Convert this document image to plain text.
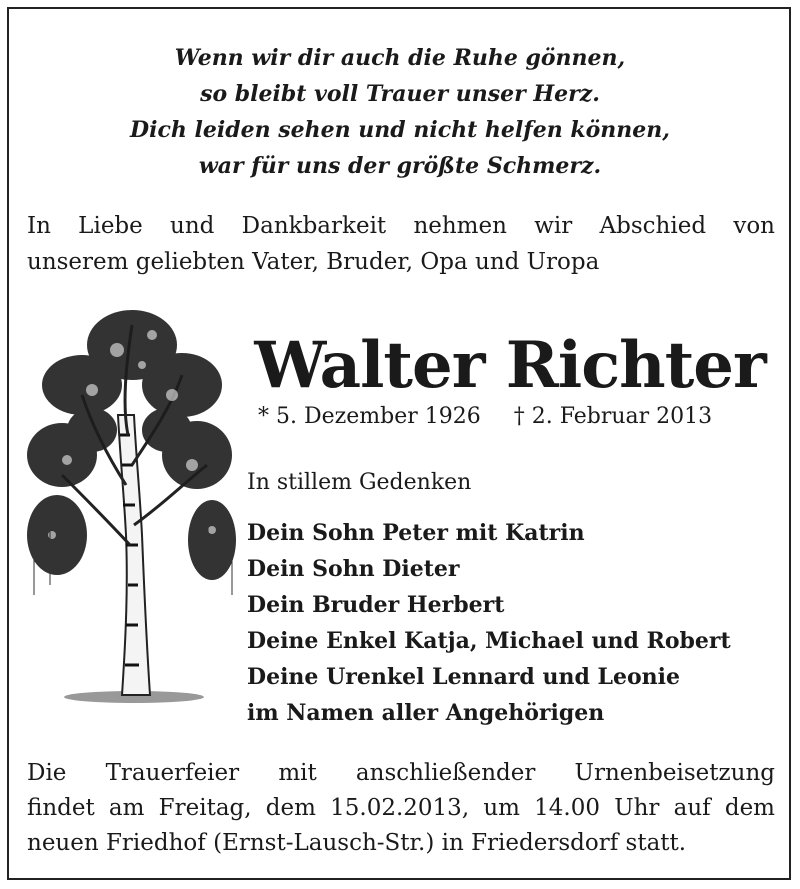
Wenn wir dir auch die Ruhe gönnen,
so bleibt voll Trauer unser Herz.
Dich leiden sehen und nicht helfen können,
war für uns der größte Schmerz.
In Liebe und Dankbarkeit nehmen wir Abschied von
unserem geliebten Vater, Bruder, Opa und Uropa
Walter Richter
* 5. Dezember 1926 † 2. Februar 2013
In stillem Gedenken
Dein Sohn Peter mit Katrin
Dein Sohn Dieter
Dein Bruder Herbert
Deine Enkel Katja, Michael und Robert
Deine Urenkel Lennard und Leonie
im Namen aller Angehörigen
Die Trauerfeier mit anschließender Urnenbeisetzung
findet am Freitag, dem 15.02.2013, um 14.00 Uhr auf dem
neuen Friedhof (Ernst-Lausch-Str.) in Friedersdorf statt.
